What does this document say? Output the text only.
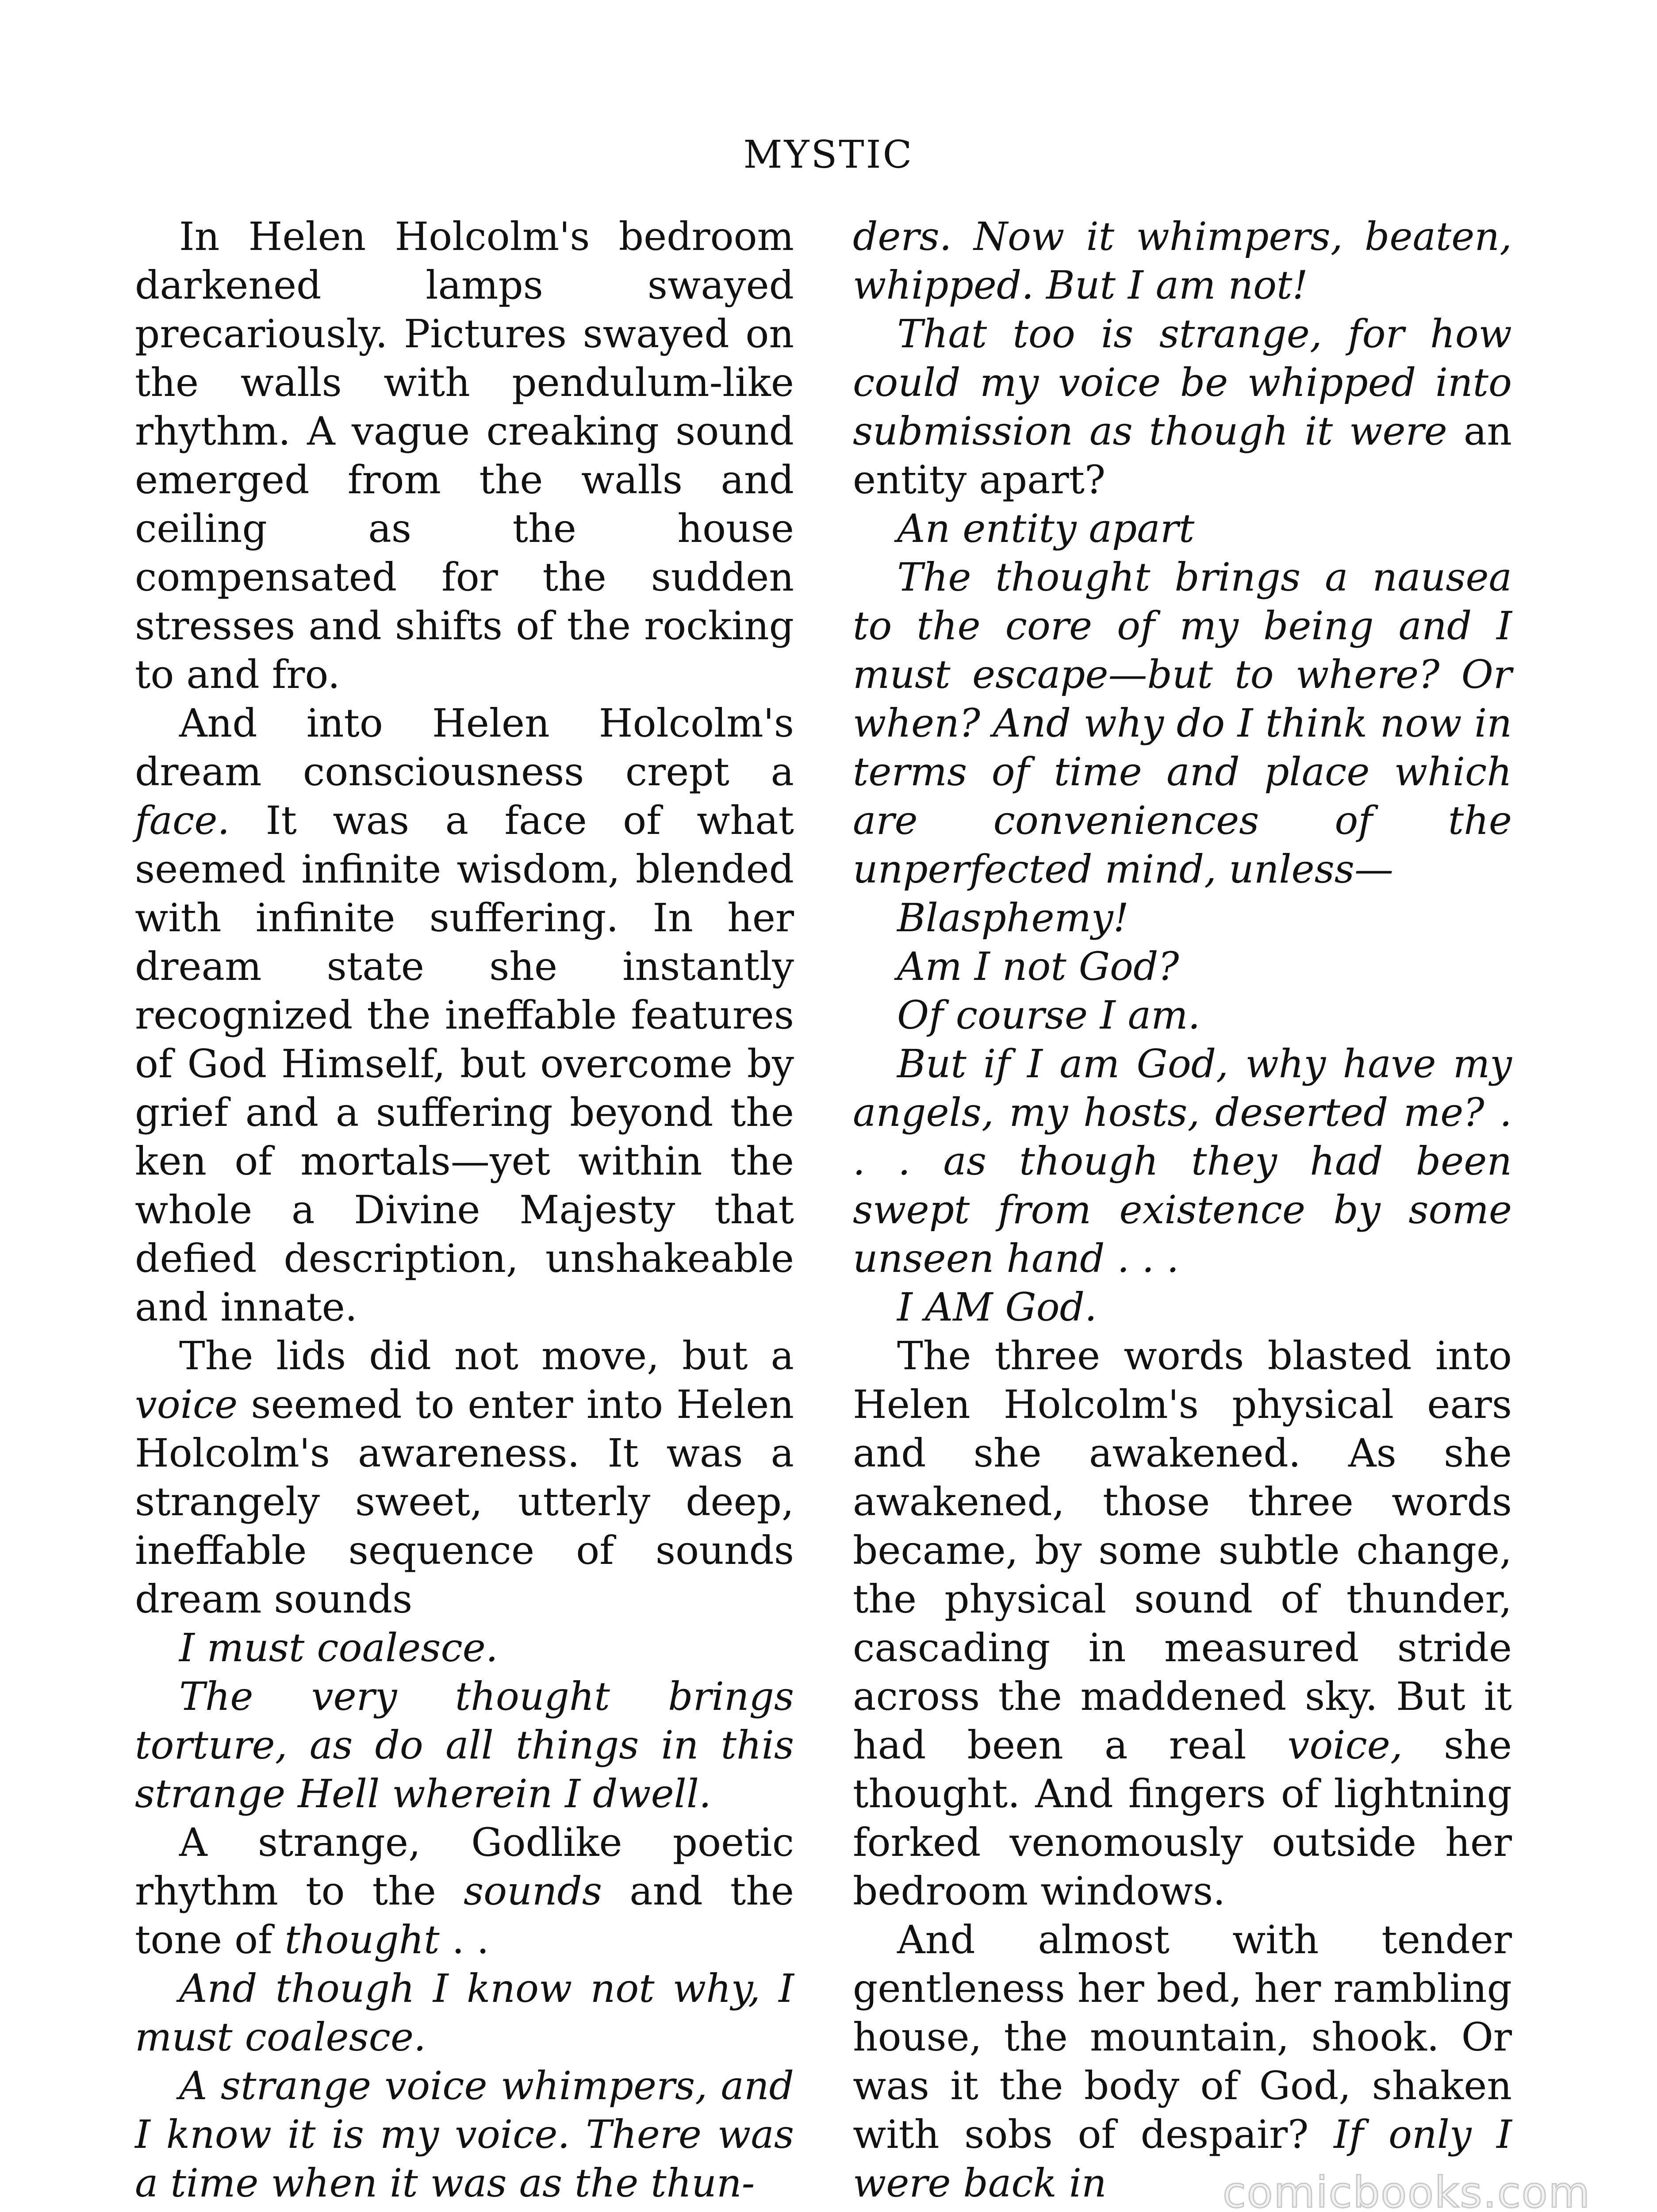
MYSTIC

In Helen Holcolm's bedroom darkened lamps swayed precariously. Pictures swayed on the walls with pendulum-like rhythm. A vague creaking sound emerged from the walls and ceiling as the house compensated for the sudden stresses and shifts of the rocking to and fro.

And into Helen Holcolm's dream consciousness crept a face. It was a face of what seemed infinite wisdom, blended with infinite suffering. In her dream state she instantly recognized the ineffable features of God Himself, but overcome by grief and a suffering beyond the ken of mortals—yet within the whole a Divine Majesty that defied description, unshakeable and innate.

The lids did not move, but a voice seemed to enter into Helen Holcolm's awareness. It was a strangely sweet, utterly deep, ineffable sequence of sounds dream sounds

I must coalesce.

The very thought brings torture, as do all things in this strange Hell wherein I dwell.

A strange, Godlike poetic rhythm to the sounds and the tone of thought . .

And though I know not why, I must coalesce.

A strange voice whimpers, and I know it is my voice. There was a time when it was as the thun-

ders. Now it whimpers, beaten, whipped. But I am not!

That too is strange, for how could my voice be whipped into submission as though it were an entity apart?

An entity apart

The thought brings a nausea to the core of my being and I must escape—but to where? Or when? And why do I think now in terms of time and place which are conveniences of the unperfected mind, unless—

Blasphemy!

Am I not God?

Of course I am.

But if I am God, why have my angels, my hosts, deserted me? . . . as though they had been swept from existence by some unseen hand . . .

I AM God.

The three words blasted into Helen Holcolm's physical ears and she awakened. As she awakened, those three words became, by some subtle change, the physical sound of thunder, cascading in measured stride across the maddened sky. But it had been a real voice, she thought. And fingers of lightning forked venomously outside her bedroom windows.

And almost with tender gentleness her bed, her rambling house, the mountain, shook. Or was it the body of God, shaken with sobs of despair? If only I were back in	comicbooks.com
